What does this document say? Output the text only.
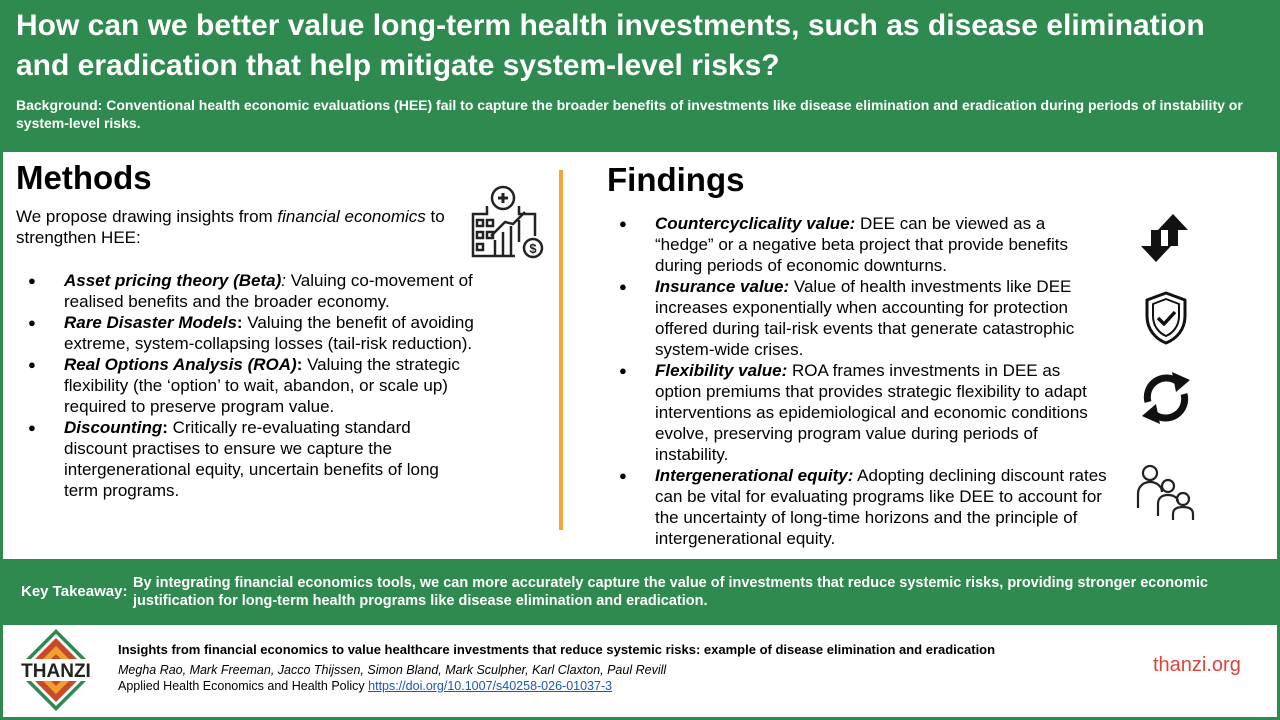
How can we better value long-term health investments, such as disease elimination and eradication that help mitigate system-level risks?

Background: Conventional health economic evaluations (HEE) fail to capture the broader benefits of investments like disease elimination and eradication during periods of instability or system-level risks.

Methods

We propose drawing insights from financial economics to strengthen HEE:

● Asset pricing theory (Beta): Valuing co-movement of realised benefits and the broader economy.
● Rare Disaster Models: Valuing the benefit of avoiding extreme, system-collapsing losses (tail-risk reduction).
● Real Options Analysis (ROA): Valuing the strategic flexibility (the ‘option’ to wait, abandon, or scale up) required to preserve program value.
● Discounting: Critically re-evaluating standard discount practises to ensure we capture the intergenerational equity, uncertain benefits of long term programs.
$
Findings
● Countercyclicality value: DEE can be viewed as a “hedge” or a negative beta project that provide benefits during periods of economic downturns.
● Insurance value: Value of health investments like DEE increases exponentially when accounting for protection offered during tail-risk events that generate catastrophic system-wide crises.
● Flexibility value: ROA frames investments in DEE as option premiums that provides strategic flexibility to adapt interventions as epidemiological and economic conditions evolve, preserving program value during periods of instability.
● Intergenerational equity: Adopting declining discount rates can be vital for evaluating programs like DEE to account for the uncertainty of long-time horizons and the principle of intergenerational equity.
Key Takeaway: By integrating financial economics tools, we can more accurately capture the value of investments that reduce systemic risks, providing stronger economic justification for long-term health programs like disease elimination and eradication.
THANZI
Insights from financial economics to value healthcare investments that reduce systemic risks: example of disease elimination and eradication
Megha Rao, Mark Freeman, Jacco Thijssen, Simon Bland, Mark Sculpher, Karl Claxton, Paul Revill
Applied Health Economics and Health Policy https://doi.org/10.1007/s40258-026-01037-3
thanzi.org
